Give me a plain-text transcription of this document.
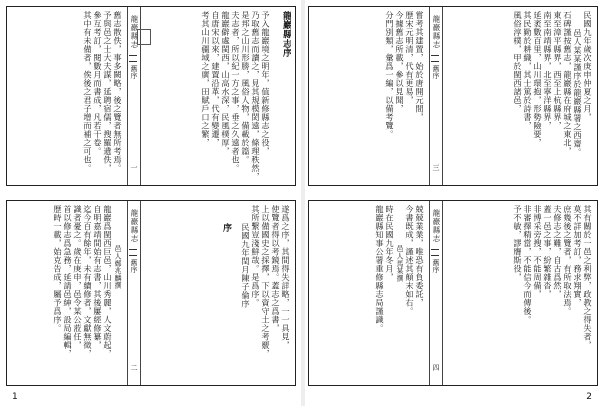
龍巖縣志序
予入龍巖境之明年，值新修縣志之役，
乃取舊志而讀之，見其規模閎遠，條理秩然，
是邦之山川形勝，風俗人物，備載於篇。
夫志者，所以紀一方之事，垂之久遠者也。
龍巖僻處閩西，山高水深，民風樸厚，
自唐宋以來，建置沿革，代有變遷，
考其山川疆域之廣，田賦戶口之繁，
龍巖縣志
舊序
一
舊志散佚，事多闕略，後之覽者無所考焉。
予與邑之士大夫謀，延聘宿儒，搜羅遺佚，
參互考訂，閱數月而書成，凡若干卷。
其中有未備者，俟後之君子增而補之可也。
遂爲之序，其間得失詳略，一一具見，
使覽者得以考鏡焉。蓋志之爲書，
上以備國史之採擇，下以資守土之考覈，
其所繫豈淺鮮哉。是爲序。
民國九年閏月陳子倫序
序
龍巖縣志
舊序
二
邑人鄭兆麟撰
龍巖爲閩西巨邑，山川秀麗，人文蔚起，
自明嘉靖間始有志書，其後屢經修纂，
迄今百有餘年，未有續修者，文獻無徵，
識者憂之。歲在庚申，邑令某公蒞任，
首以修志爲急務，延請邑紳，設局編輯，
歷時一載，始克告成，屬予爲序。
1
民國九年歲次庚申仲夏之月，
邑人某某謹序於龍巖縣署之西齋。
石碑謹按舊志，龍巖縣在府城之東北，
東至漳平縣界，西至上杭縣界，
南至南靖縣界，北至寧洋縣界，
延袤數百里，山川環抱，形勢險要，
其民勤於耕織，其士篤於詩書，
風俗淳樸，甲於閩西諸邑，
龍巖縣志
舊序
三
嘗考其建置，始於唐開元間，
歷宋元明清，代有更易，
今據舊志所載，參以見聞，
分門別類，彙爲一編，以備考覽。
其有關於一邑之利弊，政教之得失者，
莫不詳加考訂，務求翔實，
庶幾後之覽者，有所取法焉。
夫修志之難，自古爲然，
蓋一邑之事，紛繁雜沓，
非博采旁搜，不能周備，
非審擇精當，不能信今而傳後。
予不敏，謬膺斯役，
龍巖縣志
舊序
四
兢兢業業，唯恐有負委託，
今書既成，謹述其顛末如右。
邑人馬某撰
時在民國九年冬月，
龍巖縣知事公署重修縣志局謹識。
2
